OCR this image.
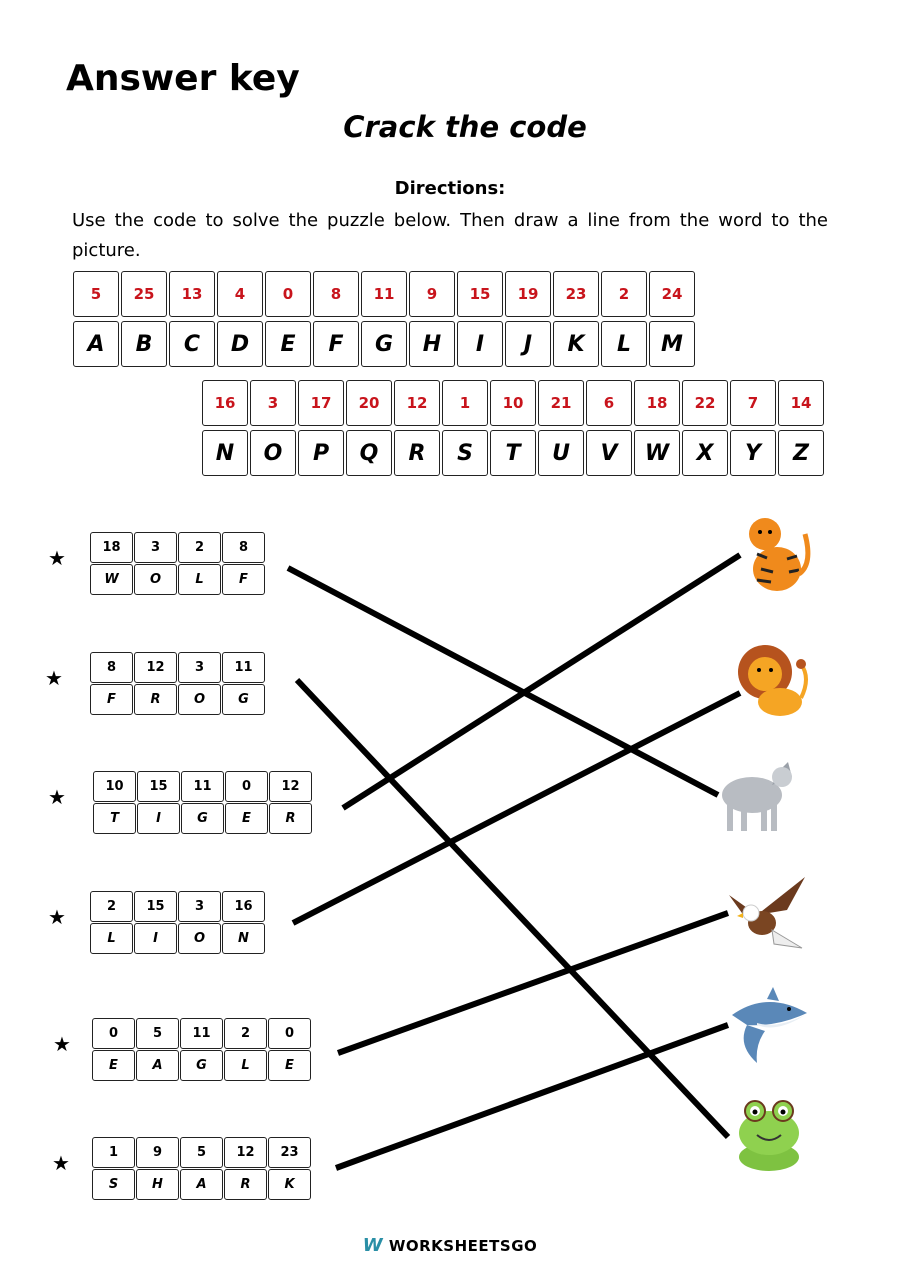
Answer key
Crack the code
Directions:
Use the code to solve the puzzle below. Then draw a line from the word to the picture.
5	25	13	4	0	8	11	9	15	19	23	2	24
A	B	C	D	E	F	G	H	I	J	K	L	M
16	3	17	20	12	1	10	21	6	18	22	7	14
N	O	P	Q	R	S	T	U	V	W	X	Y	Z
★	18	3	2	8
W	O	L	F
★	8	12	3	11
F	R	O	G
★	10	15	11	0	12
T	I	G	E	R
★	2	15	3	16
L	I	O	N
★	0	5	11	2	0
E	A	G	L	E
★	1	9	5	12	23
S	H	A	R	K
W WORKSHEETSGO
